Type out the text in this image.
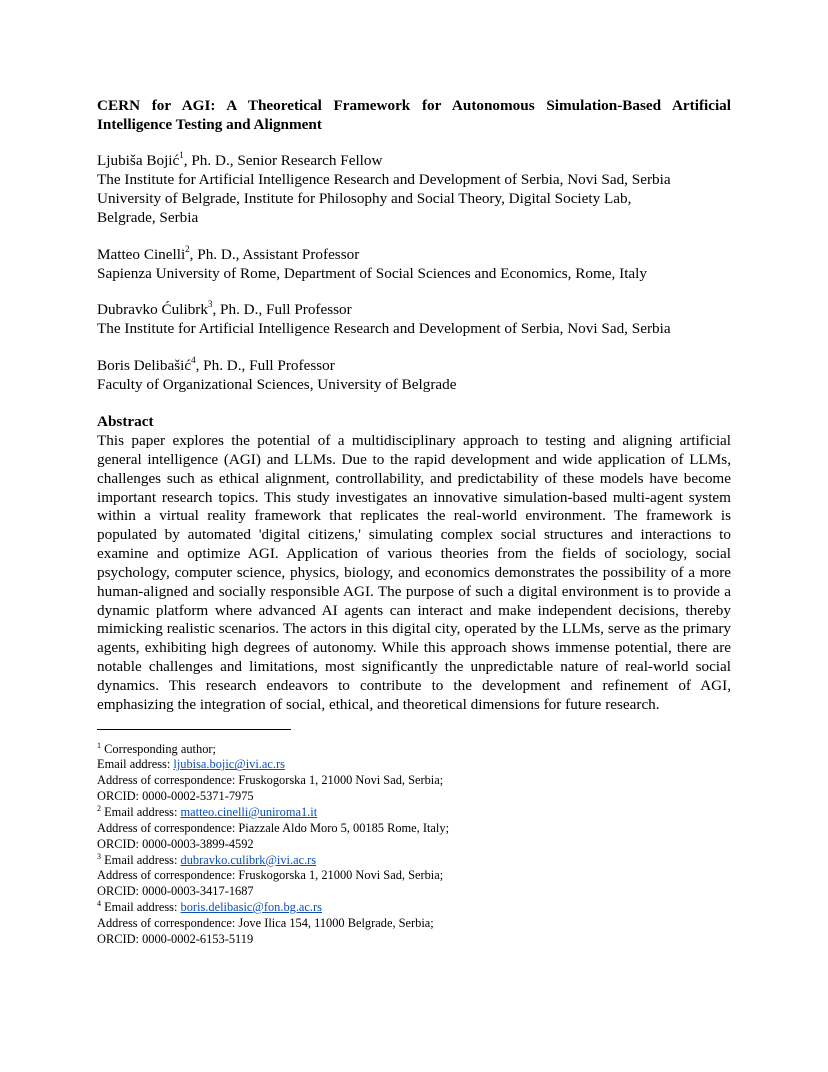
CERN for AGI: A Theoretical Framework for Autonomous Simulation-Based Artificial Intelligence Testing and Alignment

Ljubiša Bojić$^1$, Ph. D., Senior Research Fellow

The Institute for Artificial Intelligence Research and Development of Serbia, Novi Sad, Serbia

University of Belgrade, Institute for Philosophy and Social Theory, Digital Society Lab, Belgrade, Serbia

Matteo Cinelli$^2$, Ph. D., Assistant Professor

Sapienza University of Rome, Department of Social Sciences and Economics, Rome, Italy

Dubravko Ćulibrk$^3$, Ph. D., Full Professor

The Institute for Artificial Intelligence Research and Development of Serbia, Novi Sad, Serbia

Boris Delibašić$^4$, Ph. D., Full Professor

Faculty of Organizational Sciences, University of Belgrade

Abstract

This paper explores the potential of a multidisciplinary approach to testing and aligning artificial general intelligence (AGI) and LLMs. Due to the rapid development and wide application of LLMs, challenges such as ethical alignment, controllability, and predictability of these models have become important research topics. This study investigates an innovative simulation-based multi-agent system within a virtual reality framework that replicates the real-world environment. The framework is populated by automated 'digital citizens,' simulating complex social structures and interactions to examine and optimize AGI. Application of various theories from the fields of sociology, social psychology, computer science, physics, biology, and economics demonstrates the possibility of a more human-aligned and socially responsible AGI. The purpose of such a digital environment is to provide a dynamic platform where advanced AI agents can interact and make independent decisions, thereby mimicking realistic scenarios. The actors in this digital city, operated by the LLMs, serve as the primary agents, exhibiting high degrees of autonomy. While this approach shows immense potential, there are notable challenges and limitations, most significantly the unpredictable nature of real-world social dynamics. This research endeavors to contribute to the development and refinement of AGI, emphasizing the integration of social, ethical, and theoretical dimensions for future research.

$^1$ Corresponding author;

Email address: ljubisa.bojic@ivi.ac.rs

Address of correspondence: Fruskogorska 1, 21000 Novi Sad, Serbia;

ORCID: 0000-0002-5371-7975

$^2$ Email address: matteo.cinelli@uniroma1.it

Address of correspondence: Piazzale Aldo Moro 5, 00185 Rome, Italy;

ORCID: 0000-0003-3899-4592

$^3$ Email address: dubravko.culibrk@ivi.ac.rs

Address of correspondence: Fruskogorska 1, 21000 Novi Sad, Serbia;

ORCID: 0000-0003-3417-1687

$^4$ Email address: boris.delibasic@fon.bg.ac.rs

Address of correspondence: Jove Ilica 154, 11000 Belgrade, Serbia;

ORCID: 0000-0002-6153-5119
